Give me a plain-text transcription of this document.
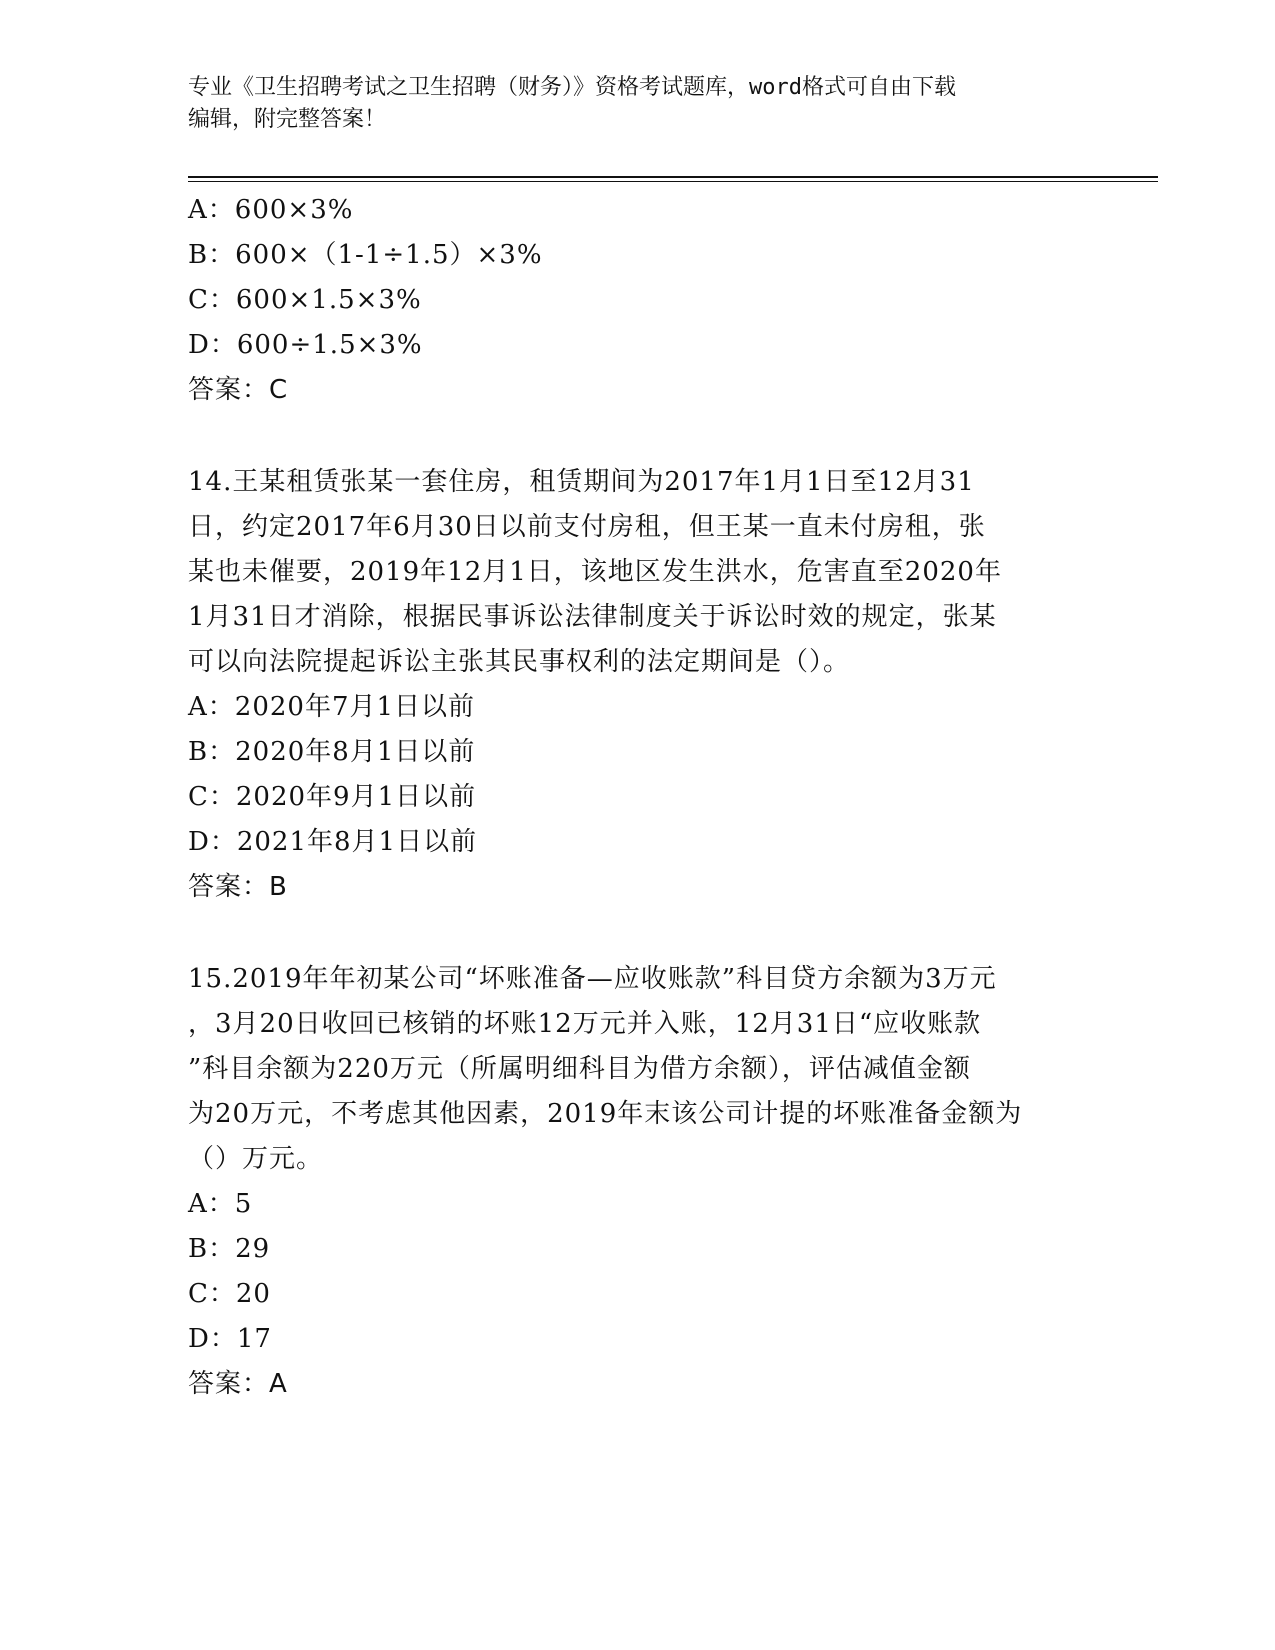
专业《卫生招聘考试之卫生招聘（财务）》资格考试题库，word格式可自由下载
编辑，附完整答案！
A：600×3%
B：600×（1-1÷1.5）×3%
C：600×1.5×3%
D：600÷1.5×3%
答案：C
14.王某租赁张某一套住房，租赁期间为2017年1月1日至12月31
日，约定2017年6月30日以前支付房租，但王某一直未付房租，张
某也未催要，2019年12月1日，该地区发生洪水，危害直至2020年
1月31日才消除，根据民事诉讼法律制度关于诉讼时效的规定，张某
可以向法院提起诉讼主张其民事权利的法定期间是（）。
A：2020年7月1日以前
B：2020年8月1日以前
C：2020年9月1日以前
D：2021年8月1日以前
答案：B
15.2019年年初某公司“坏账准备—应收账款”科目贷方余额为3万元
，3月20日收回已核销的坏账12万元并入账，12月31日“应收账款
”科目余额为220万元（所属明细科目为借方余额），评估减值金额
为20万元，不考虑其他因素，2019年末该公司计提的坏账准备金额为
（）万元。
A：5
B：29
C：20
D：17
答案：A
